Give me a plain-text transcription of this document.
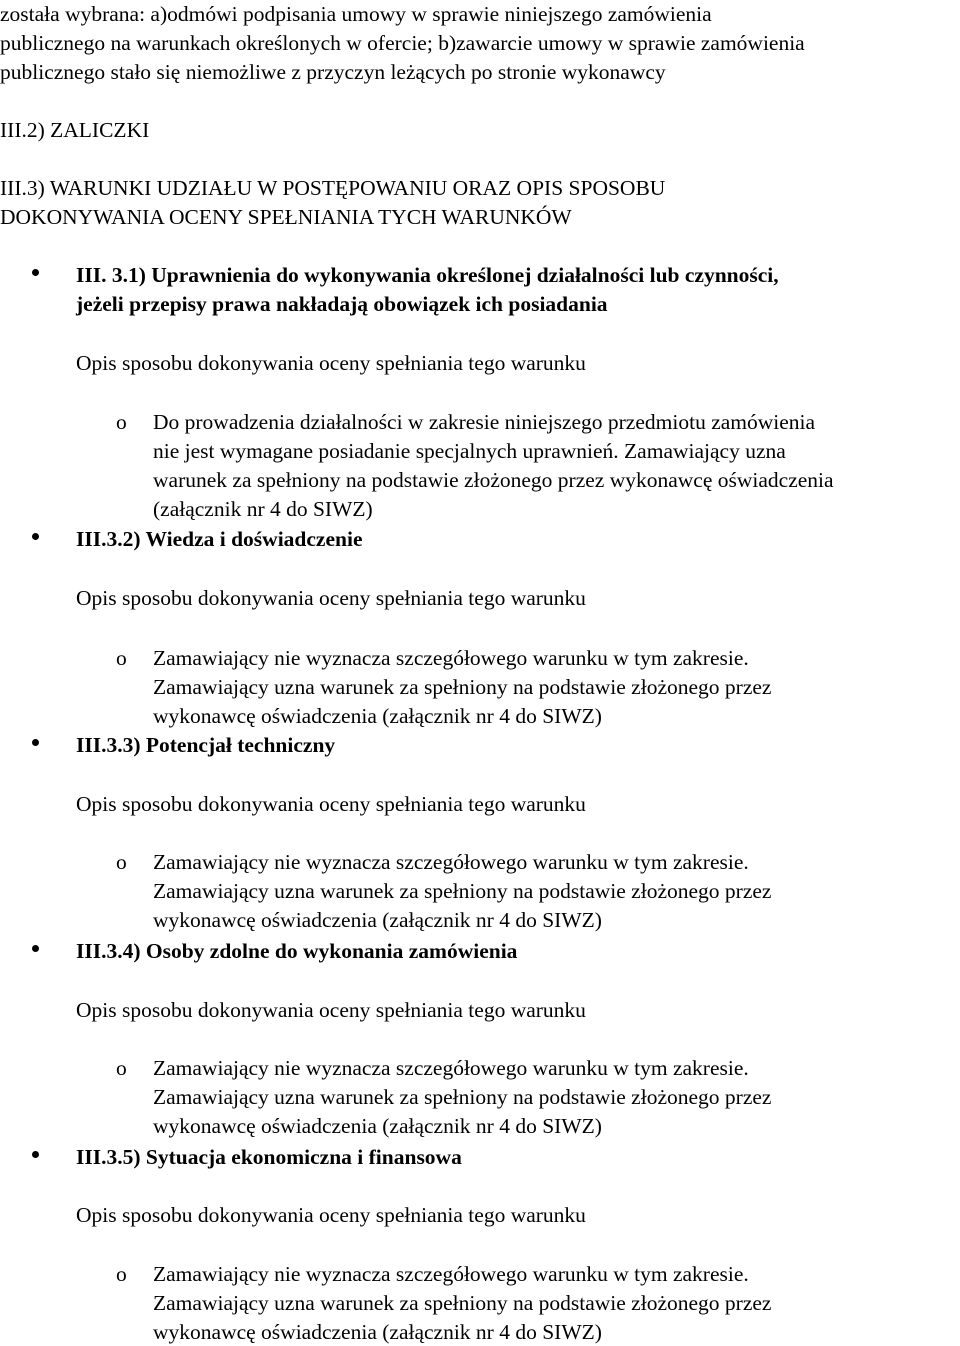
została wybrana: a)odmówi podpisania umowy w sprawie niniejszego zamówienia
publicznego na warunkach określonych w ofercie; b)zawarcie umowy w sprawie zamówienia
publicznego stało się niemożliwe z przyczyn leżących po stronie wykonawcy
III.2) ZALICZKI
III.3) WARUNKI UDZIAŁU W POSTĘPOWANIU ORAZ OPIS SPOSOBU
DOKONYWANIA OCENY SPEŁNIANIA TYCH WARUNKÓW
III. 3.1) Uprawnienia do wykonywania określonej działalności lub czynności,
jeżeli przepisy prawa nakładają obowiązek ich posiadania
Opis sposobu dokonywania oceny spełniania tego warunku
o Do prowadzenia działalności w zakresie niniejszego przedmiotu zamówienia
nie jest wymagane posiadanie specjalnych uprawnień. Zamawiający uzna
warunek za spełniony na podstawie złożonego przez wykonawcę oświadczenia
(załącznik nr 4 do SIWZ)
III.3.2) Wiedza i doświadczenie
Opis sposobu dokonywania oceny spełniania tego warunku
o Zamawiający nie wyznacza szczegółowego warunku w tym zakresie.
Zamawiający uzna warunek za spełniony na podstawie złożonego przez
wykonawcę oświadczenia (załącznik nr 4 do SIWZ)
III.3.3) Potencjał techniczny
Opis sposobu dokonywania oceny spełniania tego warunku
o Zamawiający nie wyznacza szczegółowego warunku w tym zakresie.
Zamawiający uzna warunek za spełniony na podstawie złożonego przez
wykonawcę oświadczenia (załącznik nr 4 do SIWZ)
III.3.4) Osoby zdolne do wykonania zamówienia
Opis sposobu dokonywania oceny spełniania tego warunku
o Zamawiający nie wyznacza szczegółowego warunku w tym zakresie.
Zamawiający uzna warunek za spełniony na podstawie złożonego przez
wykonawcę oświadczenia (załącznik nr 4 do SIWZ)
III.3.5) Sytuacja ekonomiczna i finansowa
Opis sposobu dokonywania oceny spełniania tego warunku
o Zamawiający nie wyznacza szczegółowego warunku w tym zakresie.
Zamawiający uzna warunek za spełniony na podstawie złożonego przez
wykonawcę oświadczenia (załącznik nr 4 do SIWZ)
